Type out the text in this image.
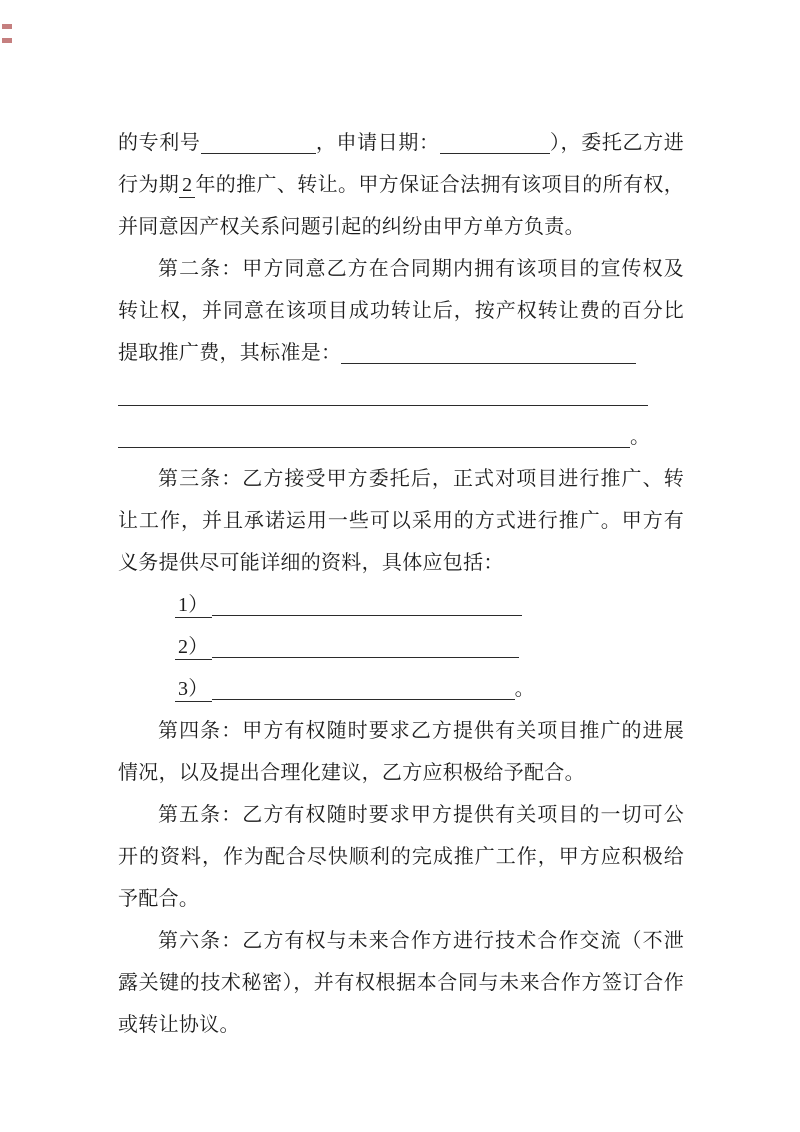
的专利号	，申请日期：	），委托乙方进行为期 2 年的推广、转让。甲方保证合法拥有该项目的所有权，并同意因产权关系问题引起的纠纷由甲方单方负责。
第二条：甲方同意乙方在合同期内拥有该项目的宣传权及转让权，并同意在该项目成功转让后，按产权转让费的百分比提取推广费，其标准是：
。
第三条：乙方接受甲方委托后，正式对项目进行推广、转让工作，并且承诺运用一些可以采用的方式进行推广。甲方有义务提供尽可能详细的资料，具体应包括：
1）
2）
3）	。
第四条：甲方有权随时要求乙方提供有关项目推广的进展情况，以及提出合理化建议，乙方应积极给予配合。
第五条：乙方有权随时要求甲方提供有关项目的一切可公开的资料，作为配合尽快顺利的完成推广工作，甲方应积极给予配合。
第六条：乙方有权与未来合作方进行技术合作交流（不泄露关键的技术秘密），并有权根据本合同与未来合作方签订合作或转让协议。
